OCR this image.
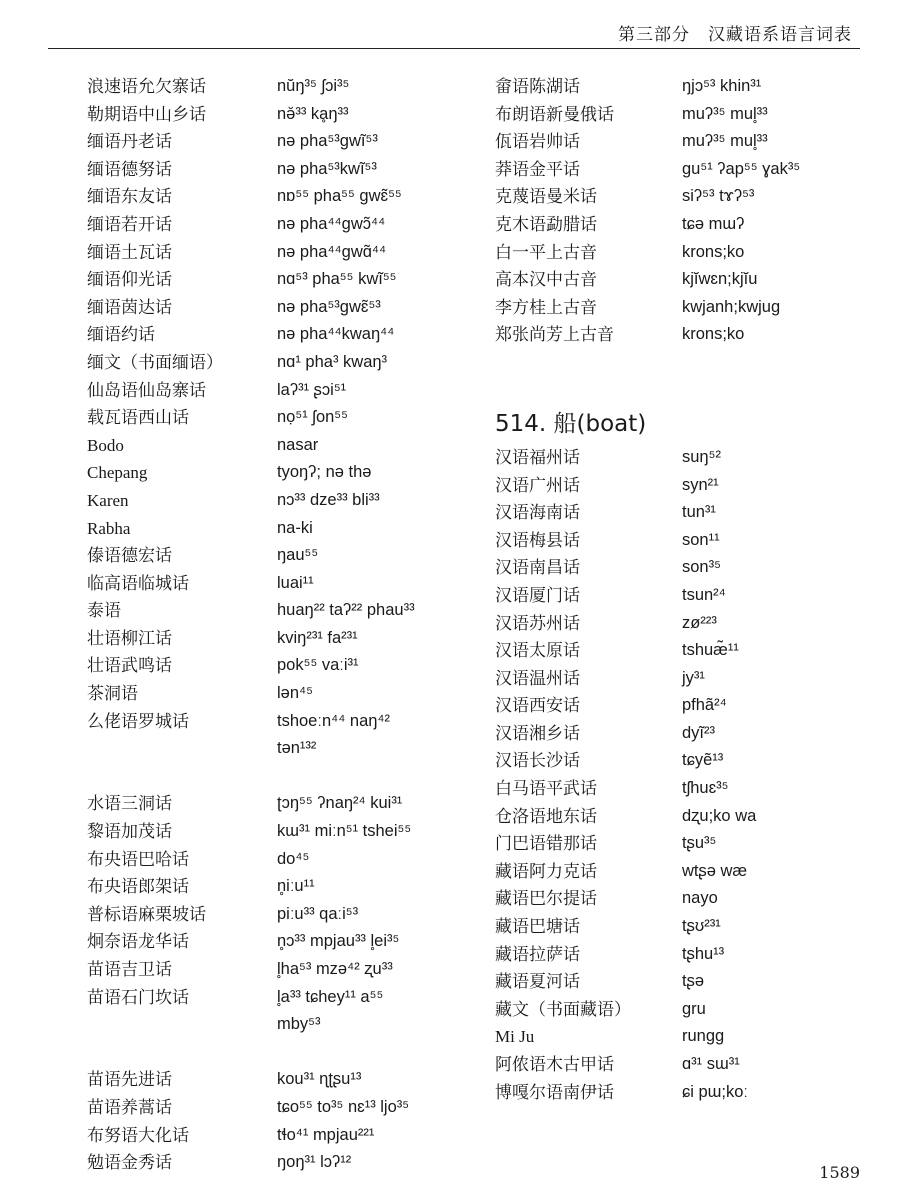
第三部分　汉藏语系语言词表
浪速语允欠寨话	nŭŋ³⁵ ʃɔi³⁵
勒期语中山乡话	nǝ̆³³ kḁŋ³³
缅语丹老话	nǝ pha⁵³gwĩ⁵³
缅语德努话	nǝ pha⁵³kwĩ⁵³
缅语东友话	nɒ⁵⁵ pha⁵⁵ gwɛ̃⁵⁵
缅语若开话	nǝ pha⁴⁴gwɔ̃⁴⁴
缅语土瓦话	nǝ pha⁴⁴gwɑ̃⁴⁴
缅语仰光话	nɑ⁵³ pha⁵⁵ kwĩ⁵⁵
缅语茵达话	nǝ pha⁵³gwɛ̃⁵³
缅语约话	nǝ pha⁴⁴kwaŋ⁴⁴
缅文（书面缅语）	nɑ¹ pha³ kwaŋ³
仙岛语仙岛寨话	laʔ³¹ ʂɔi⁵¹
载瓦语西山话	nọ⁵¹ ʃon⁵⁵
Bodo	nasar
Chepang	tyoŋʔ; nǝ thǝ
Karen	nɔ³³ dze³³ bli³³
Rabha	na-ki
傣语德宏话	ŋau⁵⁵
临高语临城话	luai¹¹
泰语	huaŋ²² taʔ²² phau³³
壮语柳江话	kviŋ²³¹ fa²³¹
壮语武鸣话	pok⁵⁵ vaːi³¹
茶洞语	lǝn⁴⁵
么佬语罗城话	tshoeːn⁴⁴ naŋ⁴²
tǝn¹³²
水语三洞话	ʈɔŋ⁵⁵ ʔnaŋ²⁴ kui³¹
黎语加茂话	kɯ³¹ miːn⁵¹ tshei⁵⁵
布央语巴哈话	do⁴⁵
布央语郎架话	n̥iːu¹¹
普标语麻栗坡话	piːu³³ qaːi⁵³
炯奈语龙华话	n̥ɔ³³ mpjau³³ l̥ei³⁵
苗语吉卫话	l̥ha⁵³ mzǝ⁴² ʐu³³
苗语石门坎话	l̥a³³ tɕhey¹¹ a⁵⁵
mby⁵³
苗语先进话	kou³¹ ɳʈʂu¹³
苗语养蒿话	tɕo⁵⁵ to³⁵ nɛ¹³ ljo³⁵
布努语大化话	tɬo⁴¹ mpjau²²¹
勉语金秀话	ŋoŋ³¹ lɔʔ¹²
畲语陈湖话	ŋjɔ⁵³ khin³¹
布朗语新曼俄话	muʔ³⁵ mul̥³³
佤语岩帅话	muʔ³⁵ mul̥³³
莽语金平话	gu⁵¹ ʔap⁵⁵ ɣak³⁵
克蔑语曼米话	siʔ⁵³ tɤʔ⁵³
克木语勐腊话	tɕǝ mɯʔ
白一平上古音	krons;ko
高本汉中古音	kjĭwɛn;kjĭu
李方桂上古音	kwjanh;kwjug
郑张尚芳上古音	krons;ko
514. 船(boat)
汉语福州话	suŋ⁵²
汉语广州话	syn²¹
汉语海南话	tun³¹
汉语梅县话	son¹¹
汉语南昌话	son³⁵
汉语厦门话	tsun²⁴
汉语苏州话	zø²²³
汉语太原话	tshuæ̃¹¹
汉语温州话	jy³¹
汉语西安话	pfhã²⁴
汉语湘乡话	dyĩ²³
汉语长沙话	tɕyẽ¹³
白马语平武话	tʃhuɛ³⁵
仓洛语地东话	dʐu;ko wa
门巴语错那话	tʂu³⁵
藏语阿力克话	wtʂǝ wæ
藏语巴尔提话	nayo
藏语巴塘话	tʂʊ²³¹
藏语拉萨话	tʂhu¹³
藏语夏河话	tʂǝ
藏文（书面藏语）	gru
Mi Ju	rungg
阿侬语木古甲话	ɑ³¹ sɯ³¹
博嘎尔语南伊话	ɕi pɯ;koː
1589
